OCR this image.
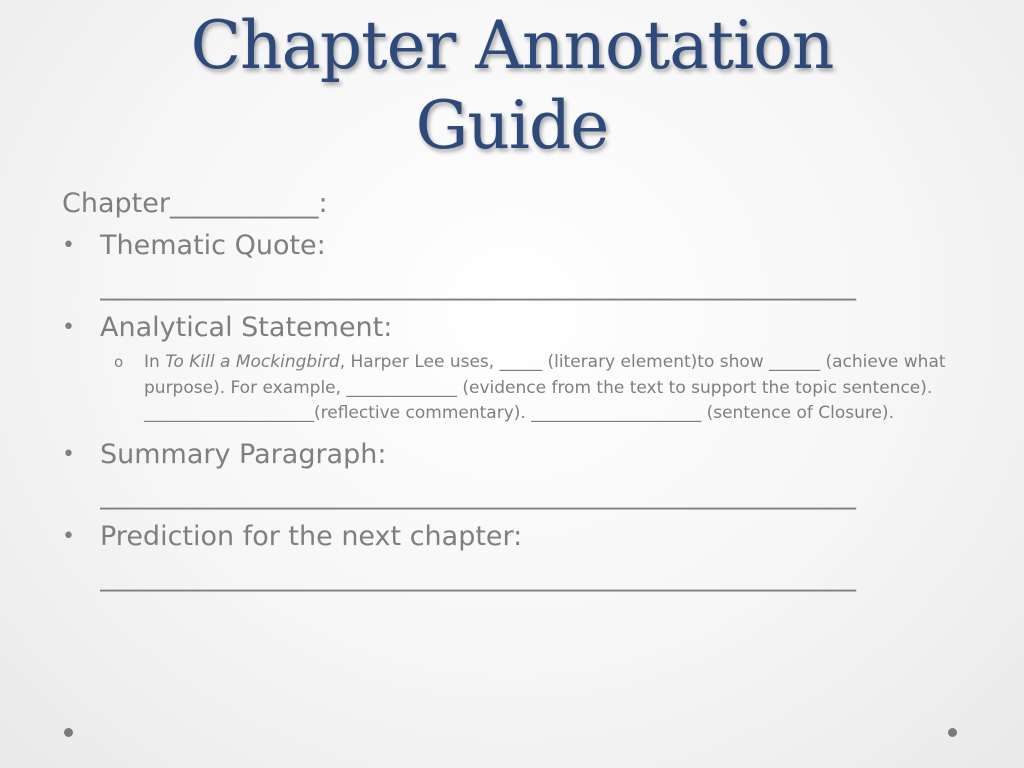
Chapter Annotation
Guide
Chapter___________:
• Thematic Quote:
________________________________________________________
• Analytical Statement:
o In To Kill a Mockingbird, Harper Lee uses, _____ (literary element)to show ______ (achieve what purpose). For example, _____________ (evidence from the text to support the topic sentence). ____________________(reflective commentary). ____________________ (sentence of Closure).
• Summary Paragraph:
________________________________________________________
• Prediction for the next chapter:
________________________________________________________
